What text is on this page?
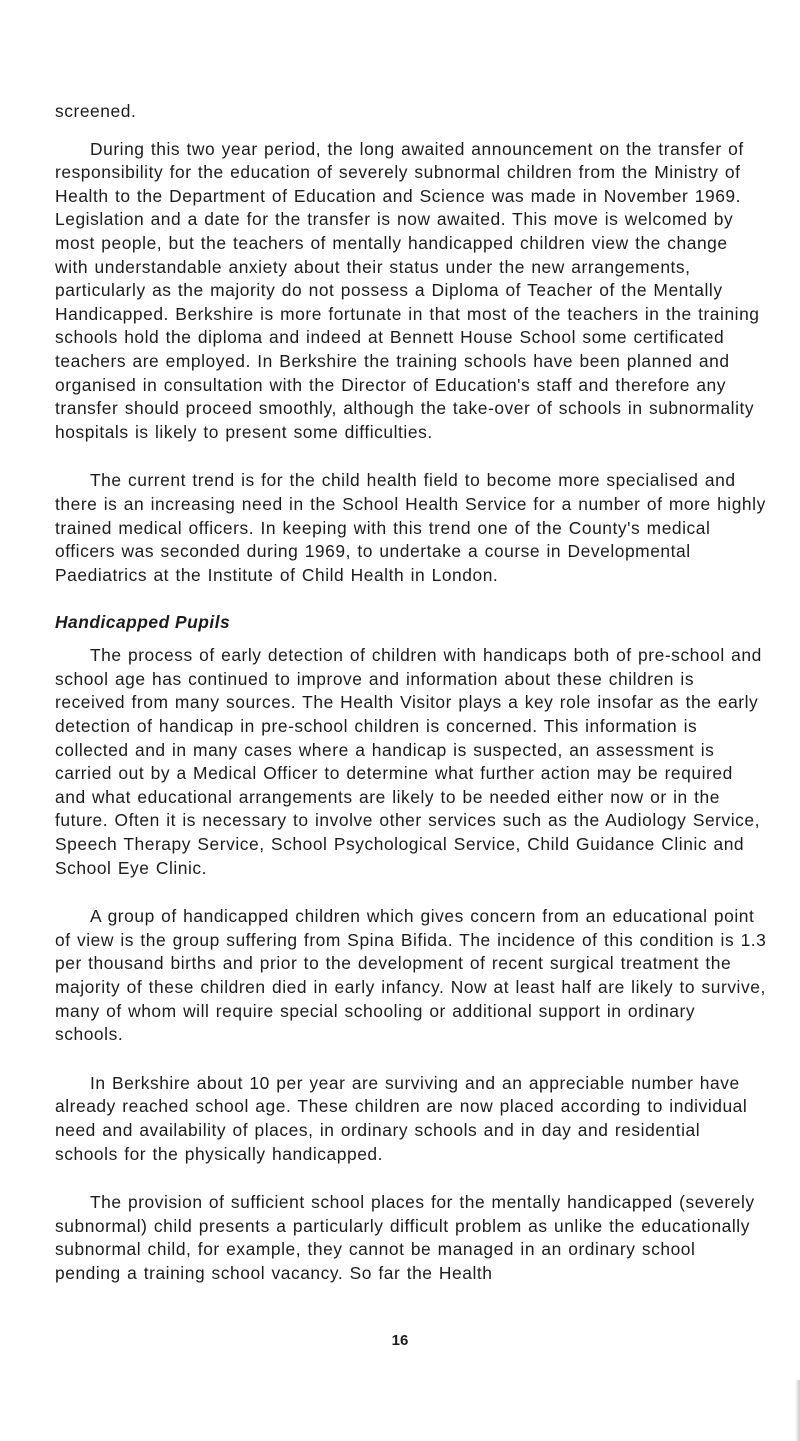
screened.

During this two year period, the long awaited announcement on the transfer of responsibility for the education of severely subnormal children from the Ministry of Health to the Department of Education and Science was made in November 1969. Legislation and a date for the transfer is now awaited. This move is welcomed by most people, but the teachers of mentally handicapped children view the change with understandable anxiety about their status under the new arrangements, particularly as the majority do not possess a Diploma of Teacher of the Mentally Handicapped. Berkshire is more fortunate in that most of the teachers in the training schools hold the diploma and indeed at Bennett House School some certificated teachers are employed. In Berkshire the training schools have been planned and organised in consultation with the Director of Education's staff and therefore any transfer should proceed smoothly, although the take-over of schools in subnormality hospitals is likely to present some difficulties.

The current trend is for the child health field to become more specialised and there is an increasing need in the School Health Service for a number of more highly trained medical officers. In keeping with this trend one of the County's medical officers was seconded during 1969, to undertake a course in Developmental Paediatrics at the Institute of Child Health in London.

Handicapped Pupils

The process of early detection of children with handicaps both of pre-school and school age has continued to improve and information about these children is received from many sources. The Health Visitor plays a key role insofar as the early detection of handicap in pre-school children is concerned. This information is collected and in many cases where a handicap is suspected, an assessment is carried out by a Medical Officer to determine what further action may be required and what educational arrangements are likely to be needed either now or in the future. Often it is necessary to involve other services such as the Audiology Service, Speech Therapy Service, School Psychological Service, Child Guidance Clinic and School Eye Clinic.

A group of handicapped children which gives concern from an educational point of view is the group suffering from Spina Bifida. The incidence of this condition is 1.3 per thousand births and prior to the development of recent surgical treatment the majority of these children died in early infancy. Now at least half are likely to survive, many of whom will require special schooling or additional support in ordinary schools.

In Berkshire about 10 per year are surviving and an appreciable number have already reached school age. These children are now placed according to individual need and availability of places, in ordinary schools and in day and residential schools for the physically handicapped.

The provision of sufficient school places for the mentally handicapped (severely subnormal) child presents a particularly difficult problem as unlike the educationally subnormal child, for example, they cannot be managed in an ordinary school pending a training school vacancy. So far the Health

16
